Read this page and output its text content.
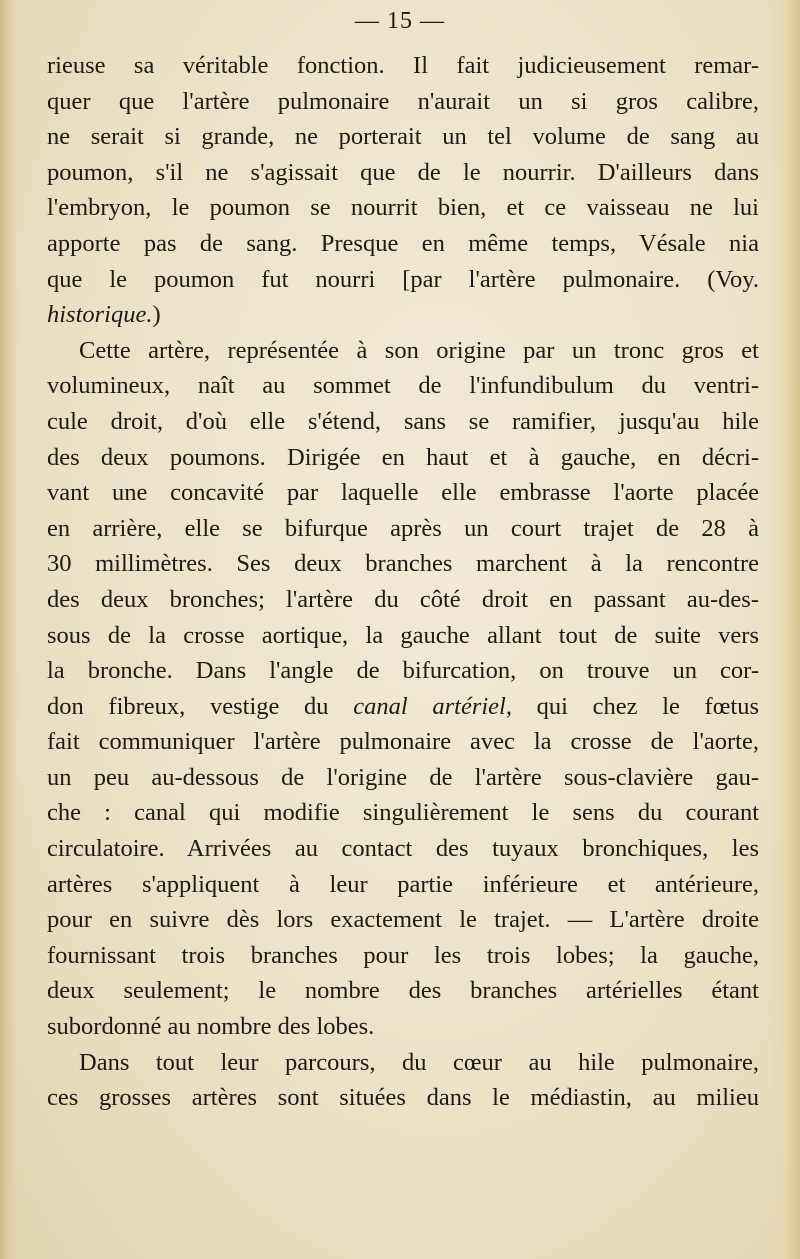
— 15 —
rieuse sa véritable fonction. Il fait judicieusement remar-
quer que l'artère pulmonaire n'aurait un si gros calibre,
ne serait si grande, ne porterait un tel volume de sang au
poumon, s'il ne s'agissait que de le nourrir. D'ailleurs dans
l'embryon, le poumon se nourrit bien, et ce vaisseau ne lui
apporte pas de sang. Presque en même temps, Vésale nia
que le poumon fut nourri [par l'artère pulmonaire. (Voy.
historique.)
Cette artère, représentée à son origine par un tronc gros et
volumineux, naît au sommet de l'infundibulum du ventri-
cule droit, d'où elle s'étend, sans se ramifier, jusqu'au hile
des deux poumons. Dirigée en haut et à gauche, en décri-
vant une concavité par laquelle elle embrasse l'aorte placée
en arrière, elle se bifurque après un court trajet de 28 à
30 millimètres. Ses deux branches marchent à la rencontre
des deux bronches; l'artère du côté droit en passant au-des-
sous de la crosse aortique, la gauche allant tout de suite vers
la bronche. Dans l'angle de bifurcation, on trouve un cor-
don fibreux, vestige du canal artériel, qui chez le fœtus
fait communiquer l'artère pulmonaire avec la crosse de l'aorte,
un peu au-dessous de l'origine de l'artère sous-clavière gau-
che : canal qui modifie singulièrement le sens du courant
circulatoire. Arrivées au contact des tuyaux bronchiques, les
artères s'appliquent à leur partie inférieure et antérieure,
pour en suivre dès lors exactement le trajet. — L'artère droite
fournissant trois branches pour les trois lobes; la gauche,
deux seulement; le nombre des branches artérielles étant
subordonné au nombre des lobes.
Dans tout leur parcours, du cœur au hile pulmonaire,
ces grosses artères sont situées dans le médiastin, au milieu
